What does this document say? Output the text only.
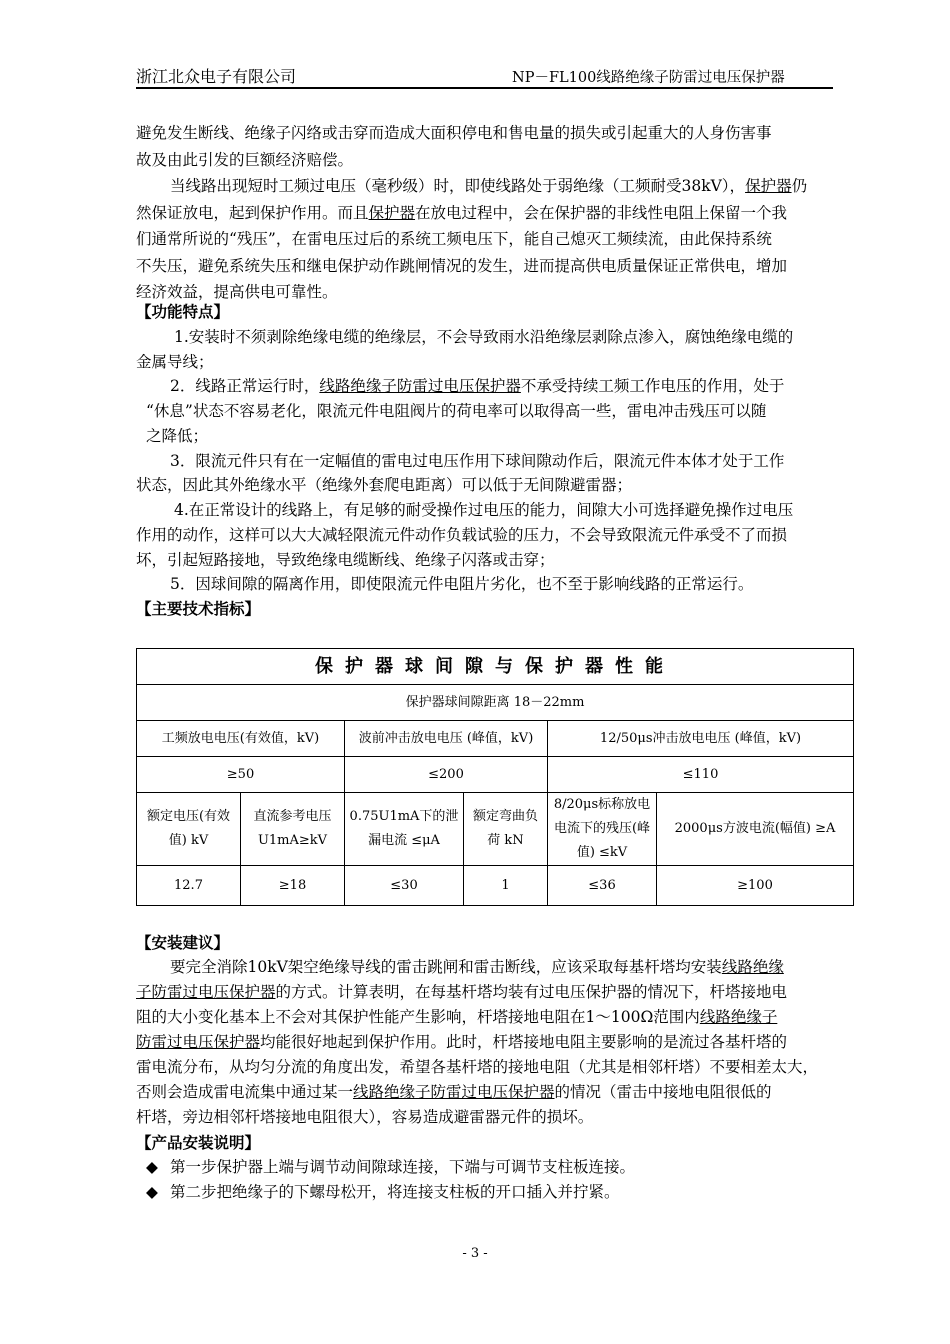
浙江北众电子有限公司	NP－FL100线路绝缘子防雷过电压保护器
避免发生断线、绝缘子闪络或击穿而造成大面积停电和售电量的损失或引起重大的人身伤害事
故及由此引发的巨额经济赔偿。
当线路出现短时工频过电压（毫秒级）时，即使线路处于弱绝缘（工频耐受38kV），保护器仍
然保证放电，起到保护作用。而且保护器在放电过程中，会在保护器的非线性电阻上保留一个我
们通常所说的“残压”，在雷电压过后的系统工频电压下，能自己熄灭工频续流，由此保持系统
不失压，避免系统失压和继电保护动作跳闸情况的发生，进而提高供电质量保证正常供电，增加
经济效益，提高供电可靠性。
【功能特点】
1.安装时不须剥除绝缘电缆的绝缘层，不会导致雨水沿绝缘层剥除点渗入，腐蚀绝缘电缆的
金属导线；
2．线路正常运行时，线路绝缘子防雷过电压保护器不承受持续工频工作电压的作用，处于
“休息”状态不容易老化，限流元件电阻阀片的荷电率可以取得高一些，雷电冲击残压可以随
之降低；
3．限流元件只有在一定幅值的雷电过电压作用下球间隙动作后，限流元件本体才处于工作
状态，因此其外绝缘水平（绝缘外套爬电距离）可以低于无间隙避雷器；
4.在正常设计的线路上，有足够的耐受操作过电压的能力，间隙大小可选择避免操作过电压
作用的动作，这样可以大大减轻限流元件动作负载试验的压力，不会导致限流元件承受不了而损
坏，引起短路接地，导致绝缘电缆断线、绝缘子闪落或击穿；
5．因球间隙的隔离作用，即使限流元件电阻片劣化，也不至于影响线路的正常运行。
【主要技术指标】
保护器球间隙与保护器性能					
保护器球间隙距离 18－22mm					
工频放电电压(有效值，kV)		波前冲击放电电压 (峰值，kV)		12/50μs冲击放电电压 (峰值，kV)	
≥50		≤200		≤110	
额定电压(有效值) kV	直流参考电压U1mA≥kV	0.75U1mA下的泄漏电流 ≤μA	额定弯曲负荷 kN	8/20μs标称放电电流下的残压(峰值) ≤kV	2000μs方波电流(幅值) ≥A
12.7	≥18	≤30	1	≤36	≥100
【安装建议】
要完全消除10kV架空绝缘导线的雷击跳闸和雷击断线，应该采取每基杆塔均安装线路绝缘
子防雷过电压保护器的方式。计算表明，在每基杆塔均装有过电压保护器的情况下，杆塔接地电
阻的大小变化基本上不会对其保护性能产生影响，杆塔接地电阻在1～100Ω范围内线路绝缘子
防雷过电压保护器均能很好地起到保护作用。此时，杆塔接地电阻主要影响的是流过各基杆塔的
雷电流分布，从均匀分流的角度出发，希望各基杆塔的接地电阻（尤其是相邻杆塔）不要相差太大，
否则会造成雷电流集中通过某一线路绝缘子防雷过电压保护器的情况（雷击中接地电阻很低的
杆塔，旁边相邻杆塔接地电阻很大），容易造成避雷器元件的损坏。
【产品安装说明】
◆ 第一步保护器上端与调节动间隙球连接，下端与可调节支柱板连接。
◆ 第二步把绝缘子的下螺母松开，将连接支柱板的开口插入并拧紧。
- 3 -
